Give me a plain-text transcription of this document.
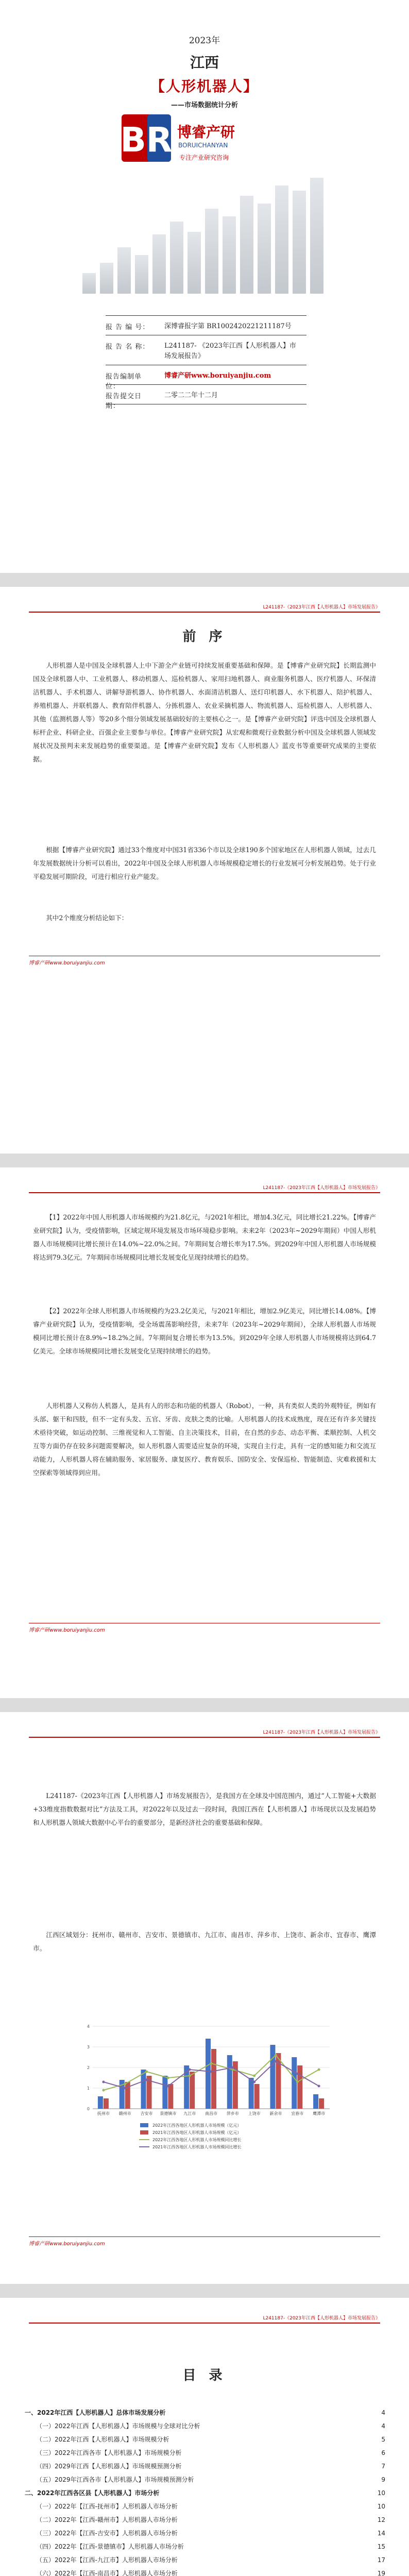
2023年
江西
【人形机器人】
——市场数据统计分析
BR 博睿产研
BORUICHANYAN
专注产业研究咨询
报 告 编 号： 深博睿报字第 BR1002420221211187号
报 告 名 称： L241187- 《2023年江西【人形机器人】市场发展报告》
报告编制单位：
博睿产研www.boruiyanjiu.com
报告提交日期：
二零二二年十二月
L241187-《2023年江西【人形机器人】市场发展报告》
前 序

人形机器人是中国及全球机器人上中下游全产业链可持续发展重要基础和保障。是【博睿产业研究院】长期监测中国及全球机器人中、工业机器人、移动机器人、巡检机器人、家用扫地机器人、商业服务机器人、医疗机器人、环保清洁机器人、手术机器人、讲解导游机器人、协作机器人、水面清洁机器人、送灯印机器人、水下机器人、陪护机器人、养殖机器人、并联机器人、教育陪伴机器人、分拣机器人、农业采摘机器人、物流机器人、巡检机器人、人形机器人、其他（监测机器人等）等20多个细分领域发展基础较好的主要核心之一。是【博睿产业研究院】评选中国及全球机器人标杆企业、科研企业、百强企业主要参与单位。【博睿产业研究院】从宏观和微观行业数据分析中国及全球机器人领域发展状况及预判未来发展趋势的重要渠道。是【博睿产业研究院】发布《人形机器人》蓝皮书等重要研究成果的主要依据。

根据【博睿产业研究院】通过33个维度对中国31省336个市以及全球190多个国家地区在人形机器人领域，过去几年发展数据统计分析可以看出，2022年中国及全球人形机器人市场规模稳定增长的行业发展可分析发展趋势。处于行业平稳发展可期阶段，可进行相应行业产能发。

其中2个维度分析结论如下：

博睿产研www.boruiyanjiu.com
L241187-《2023年江西【人形机器人】市场发展报告》

【1】2022年中国人形机器人市场规模约为21.8亿元，与2021年相比，增加4.3亿元，同比增长21.22%。【博睿产业研究院】认为，受疫情影响，区域定规环境发展及市场环境稳步影响。未来2年（2023年~2029年期间）中国人形机器人市场规模同比增长预计在14.0%~22.0%之间。7年期间复合增长率为17.5%。到2029年中国人形机器人市场规模将达到79.3亿元。7年期间市场规模同比增长发展变化呈现持续增长的趋势。

【2】2022年全球人形机器人市场规模约为23.2亿美元，与2021年相比，增加2.9亿美元，同比增长14.08%。【博睿产业研究院】认为，受疫情影响，受全场震荡影响经营，未来7年（2023年~2029年期间），全球人形机器人市场规模同比增长预计在8.9%~18.2%之间。7年期间复合增长率为13.5%。到2029年全球人形机器人市场规模将达到64.7亿美元。全球市场规模同比增长发展变化呈现持续增长的趋势。

人形机器人又称仿人机器人，是具有人的形态和功能的机器人（Robot），一种，具有类似人类的外观特征，例如有头部、躯干和四肢，但不一定有头发、五官、牙齿、皮肤之类的比喻。人形机器人的技术成熟度，现在还有许多关键技术亟待突破，如运动控制、三维视觉和人工智能、自主决策技术，目前，在自然的步态、动态平衡、柔顺控制、人机交互等方面仍存在较多问题需要解决，如人形机器人需要适应复杂的环境，实现自主行走，具有一定的感知能力和交流互动能力，人形机器人将在辅助服务、家居服务、康复医疗、教育娱乐、国防安全、安保巡检、智能制造、灾难救援和太空探索等领域得到应用。

博睿产研www.boruiyanjiu.com
L241187-《2023年江西【人形机器人】市场发展报告》

L241187-《2023年江西【人形机器人】市场发展报告》，是我国方在全球及中国范围内，通过“人工智能+大数据+33维度指数数据对比”方法及工具，对2022年以及过去一段时间，我国江西在【人形机器人】市场现状以及发展趋势和人形机器人领域大数据中心平台的重要部分，是新经济社会的重要基础和保障。

江西区域划分：抚州市、赣州市、吉安市、景德镇市、九江市、南昌市、萍乡市、上饶市、新余市、宜春市、鹰潭市。

0
1
2
3
4
抚州市 赣州市 吉安市 景德镇市 九江市 南昌市 萍乡市 上饶市 新余市 宜春市 鹰潭市
2022年江西各地区人形机器人市场规模（亿元）
2021年江西各地区人形机器人市场规模（亿元）
2022年江西各地区人形机器人市场规模同比增长
2021年江西各地区人形机器人市场规模同比增长
博睿产研www.boruiyanjiu.com
L241187-《2023年江西【人形机器人】市场发展报告》
目 录
一、2022年江西【人形机器人】总体市场发展分析	4
（一）2022年江西【人形机器人】市场规模与全球对比分析	4
（二）2022年江西【人形机器人】市场规模分析	5
（三）2022年江西各市【人形机器人】市场规模分析	6
（四）2029年江西【人形机器人】市场规模预测分析	7
（五）2029年江西各市【人形机器人】市场规模预测分析	9
二、2022年江西各区县【人形机器人】市场分析	10
（一）2022年【江西-抚州市】人形机器人市场分析	10
（二）2022年【江西-赣州市】人形机器人市场分析	12
（三）2022年【江西-吉安市】人形机器人市场分析	14
（四）2022年【江西-景德镇市】人形机器人市场分析	15
（五）2022年【江西-九江市】人形机器人市场分析	17
（六）2022年【江西-南昌市】人形机器人市场分析	19
